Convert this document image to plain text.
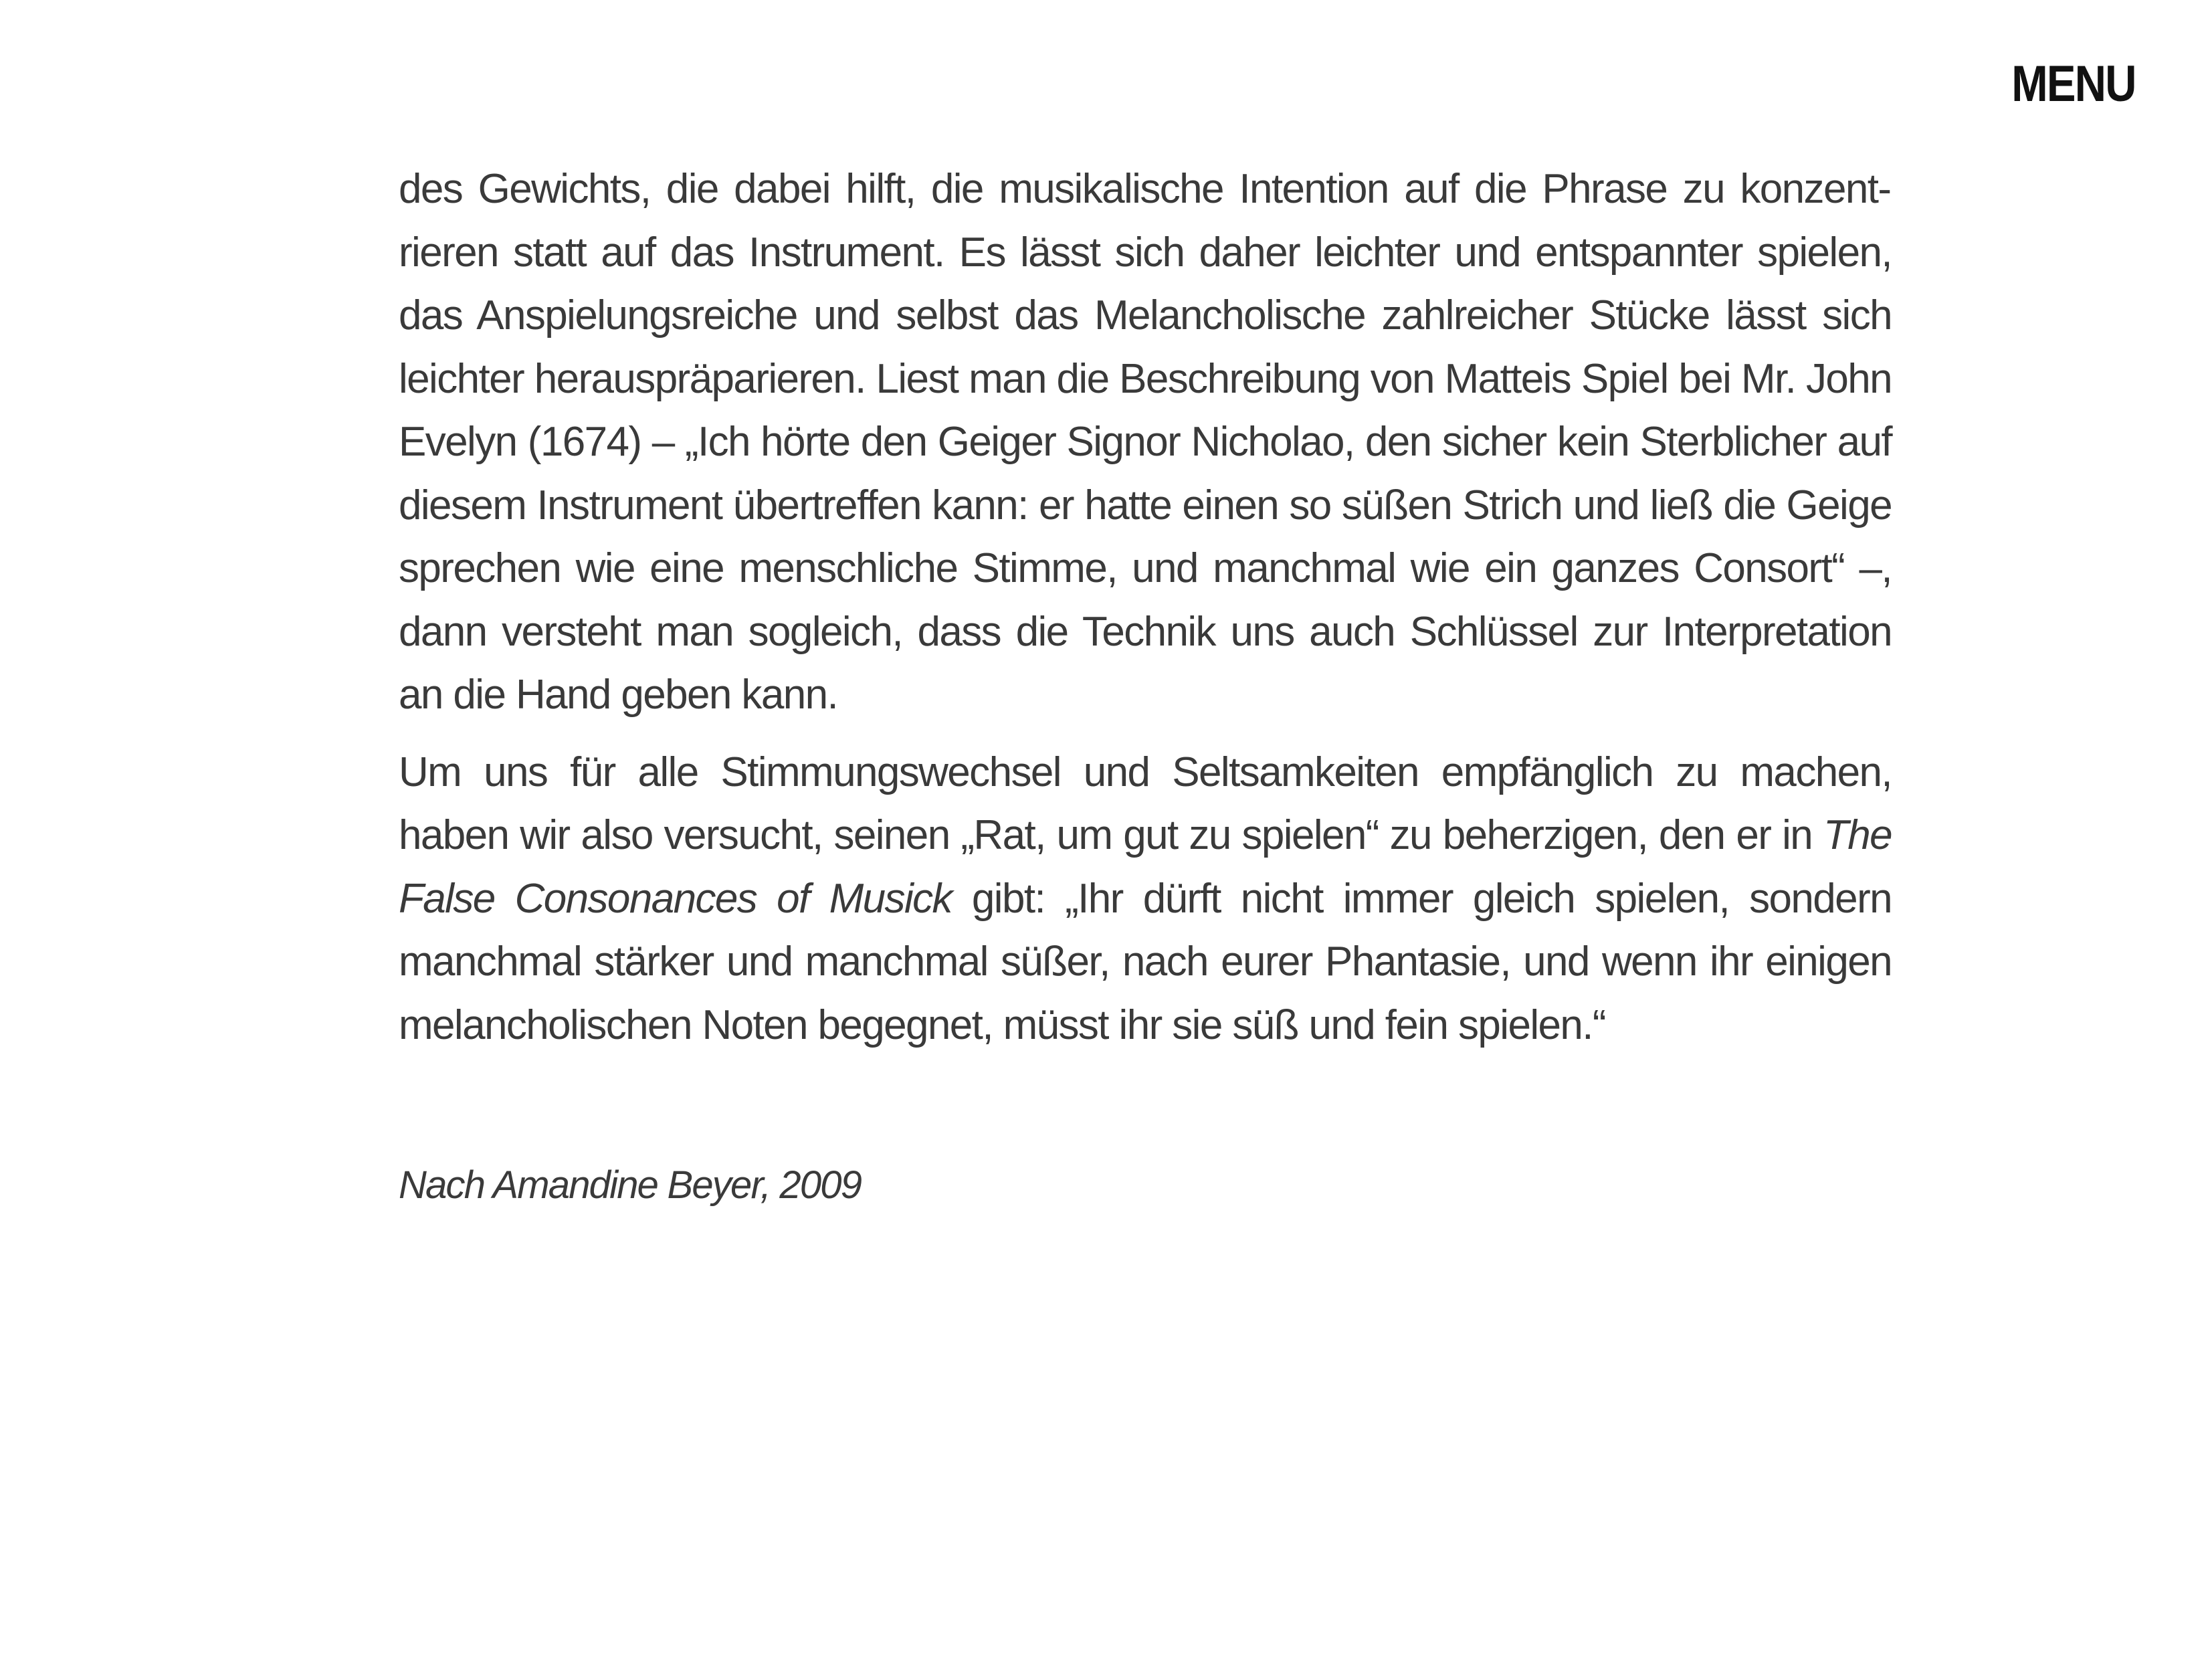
MENU

des Gewichts, die dabei hilft, die musikalische Intention auf die Phrase zu konzentrieren statt auf das Instrument. Es lässt sich daher leichter und entspannter spielen, das Anspielungsreiche und selbst das Melancholische zahlreicher Stücke lässt sich leichter herauspräparieren. Liest man die Beschreibung von Matteis Spiel bei Mr. John Evelyn (1674) – „Ich hörte den Geiger Signor Nicholao, den sicher kein Sterblicher auf diesem Instrument übertreffen kann: er hatte einen so süßen Strich und ließ die Geige sprechen wie eine menschliche Stimme, und manchmal wie ein ganzes Consort“ –, dann versteht man sogleich, dass die Technik uns auch Schlüssel zur Interpretation an die Hand geben kann.

Um uns für alle Stimmungswechsel und Seltsamkeiten empfänglich zu machen, haben wir also versucht, seinen „Rat, um gut zu spielen“ zu beherzigen, den er in The False Consonances of Musick gibt: „Ihr dürft nicht immer gleich spielen, sondern manchmal stärker und manchmal süßer, nach eurer Phantasie, und wenn ihr einigen melancholischen Noten begegnet, müsst ihr sie süß und fein spielen.“

Nach Amandine Beyer, 2009
